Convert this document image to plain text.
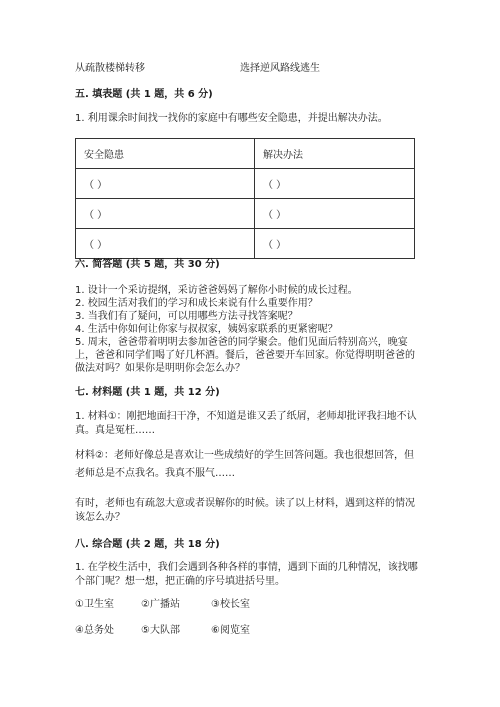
从疏散楼梯转移	选择逆风路线逃生
五. 填表题 (共 1 题，共 6 分)
1. 利用课余时间找一找你的家庭中有哪些安全隐患，并提出解决办法。
安全隐患	解决办法
（ ）	（ ）
（ ）	（ ）
（ ）	（ ）
六. 简答题 (共 5 题，共 30 分)
1. 设计一个采访提纲，采访爸爸妈妈了解你小时候的成长过程。
2. 校园生活对我们的学习和成长来说有什么重要作用？
3. 当我们有了疑问，可以用哪些方法寻找答案呢？
4. 生活中你如何让你家与叔叔家，姨妈家联系的更紧密呢？
5. 周末，爸爸带着明明去参加爸爸的同学聚会。他们见面后特别高兴，晚宴
上，爸爸和同学们喝了好几杯酒。餐后，爸爸要开车回家。你觉得明明爸爸的
做法对吗？如果你是明明你会怎么办？
七. 材料题 (共 1 题，共 12 分)
1. 材料①：刚把地面扫干净，不知道是谁又丢了纸屑，老师却批评我扫地不认
真。真是冤枉……
材料②：老师好像总是喜欢让一些成绩好的学生回答问题。我也很想回答，但
老师总是不点我名。我真不服气……
有时，老师也有疏忽大意或者误解你的时候。读了以上材料，遇到这样的情况
该怎么办？
八. 综合题 (共 2 题，共 18 分)
1. 在学校生活中，我们会遇到各种各样的事情，遇到下面的几种情况，该找哪
个部门呢？想一想，把正确的序号填进括号里。
①卫生室	②广播站	③校长室
④总务处	⑤大队部	⑥阅览室
